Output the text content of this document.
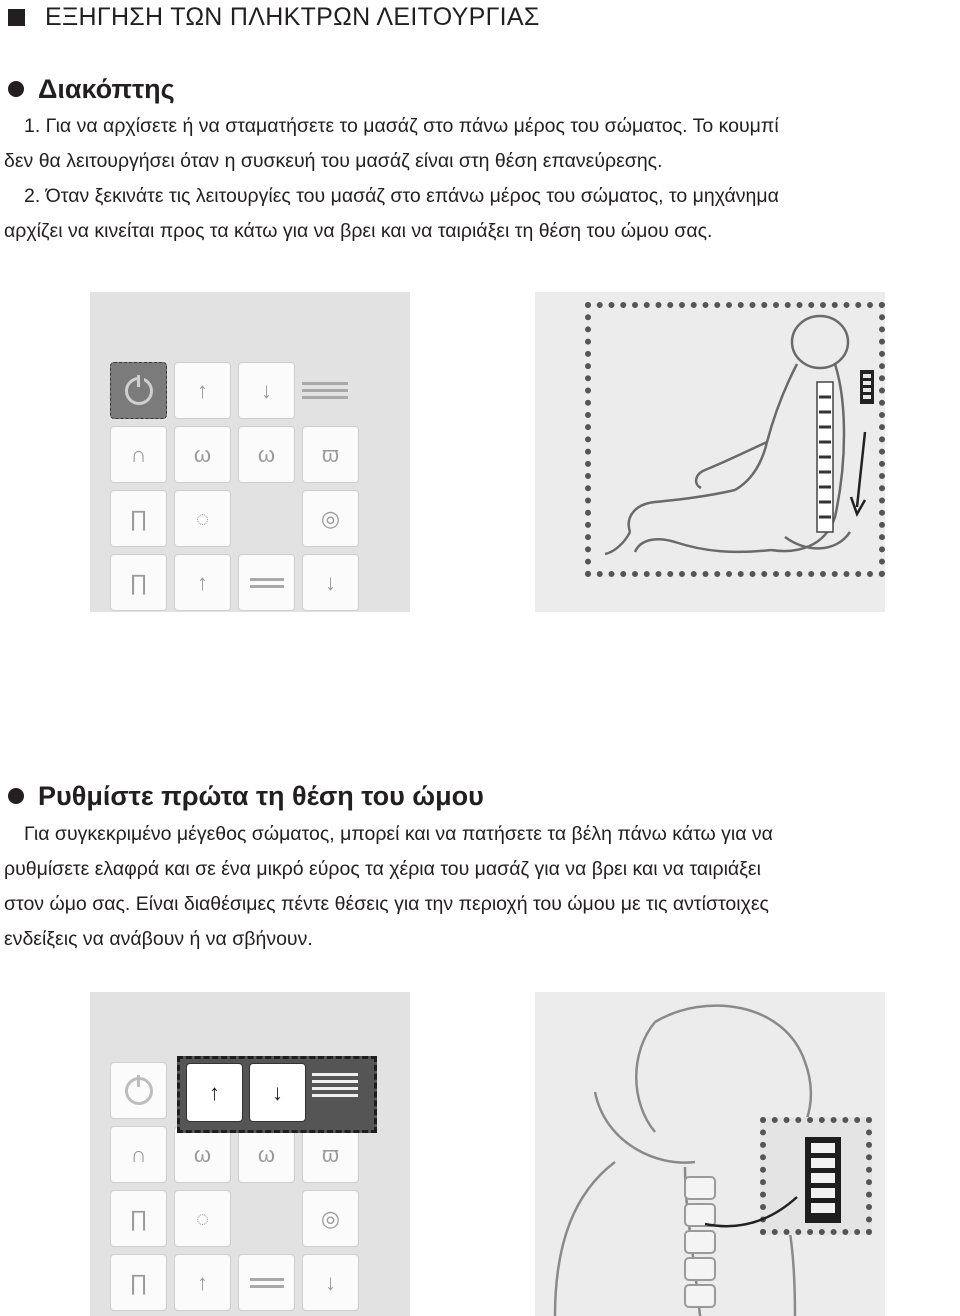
ΕΞΗΓΗΣΗ ΤΩΝ ΠΛΗΚΤΡΩΝ ΛΕΙΤΟΥΡΓΙΑΣ
Διακόπτης

1. Για να αρχίσετε ή να σταματήσετε το μασάζ στο πάνω μέρος του σώματος. Το κουμπί

δεν θα λειτουργήσει όταν η συσκευή του μασάζ είναι στη θέση επανεύρεσης.

2. Όταν ξεκινάτε τις λειτουργίες του μασάζ στο επάνω μέρος του σώματος, το μηχάνημα

αρχίζει να κινείται προς τα κάτω για να βρει και να ταιριάξει τη θέση του ώμου σας.

↑ ↓
∩ ω ω ϖ
∏ ◌	◎
∏ ↑	↓
Ρυθμίστε πρώτα τη θέση του ώμου

Για συγκεκριμένο μέγεθος σώματος, μπορεί και να πατήσετε τα βέλη πάνω κάτω για να

ρυθμίσετε ελαφρά και σε ένα μικρό εύρος τα χέρια του μασάζ για να βρει και να ταιριάξει

στον ώμο σας. Είναι διαθέσιμες πέντε θέσεις για την περιοχή του ώμου με τις αντίστοιχες

ενδείξεις να ανάβουν ή να σβήνουν.

∩ ω ω ϖ
∏ ◌	◎
∏ ↑	↓
↑ ↓
